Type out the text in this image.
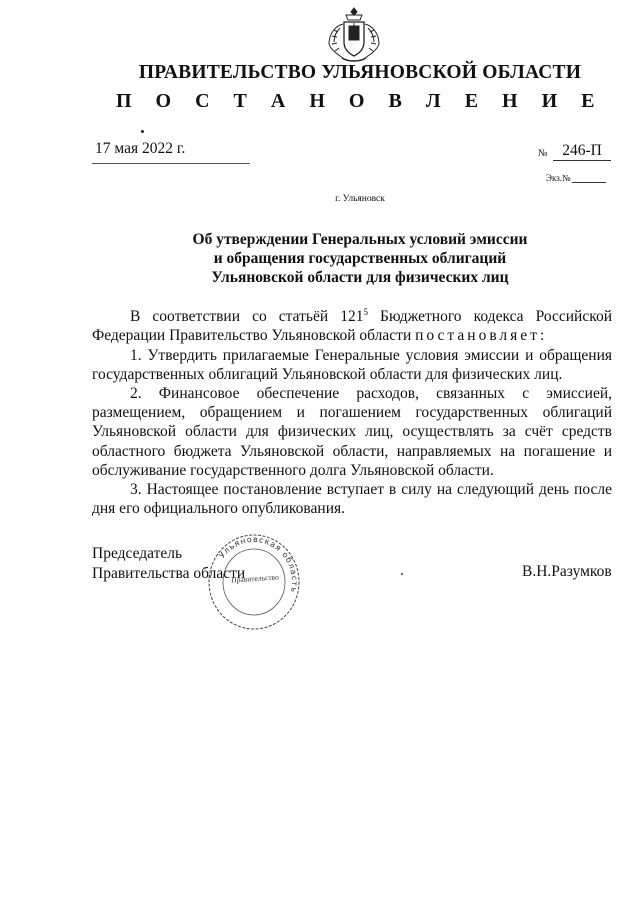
ПРАВИТЕЛЬСТВО УЛЬЯНОВСКОЙ ОБЛАСТИ
П О С Т А Н О В Л Е Н И Е
17 мая 2022 г.	№ 246-П
Экз.№
г. Ульяновск
Об утверждении Генеральных условий эмиссии
и обращения государственных облигаций
Ульяновской области для физических лиц

В соответствии со статьёй $121^5$ Бюджетного кодекса Российской Федерации Правительство Ульяновской области постановляет:

1. Утвердить прилагаемые Генеральные условия эмиссии и обращения государственных облигаций Ульяновской области для физических лиц.

2. Финансовое обеспечение расходов, связанных с эмиссией, размещением, обращением и погашением государственных облигаций Ульяновской области для физических лиц, осуществлять за счёт средств областного бюджета Ульяновской области, направляемых на погашение и обслуживание государственного долга Ульяновской области.

3. Настоящее постановление вступает в силу на следующий день после дня его официального опубликования.

Председатель
Правительства области	В.Н.Разумков
Ульяновская область
Правительство
